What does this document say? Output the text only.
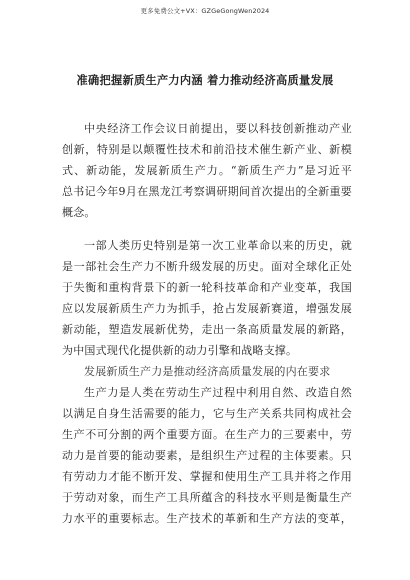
更多免费公文+VX：GZGeGongWen2024
准确把握新质生产力内涵 着力推动经济高质量发展
中央经济工作会议日前提出，要以科技创新推动产业
创新，特别是以颠覆性技术和前沿技术催生新产业、新模
式、新动能，发展新质生产力。“新质生产力”是习近平
总书记今年9月在黑龙江考察调研期间首次提出的全新重要
概念。
一部人类历史特别是第一次工业革命以来的历史，就
是一部社会生产力不断升级发展的历史。面对全球化正处
于失衡和重构背景下的新一轮科技革命和产业变革，我国
应以发展新质生产力为抓手，抢占发展新赛道，增强发展
新动能，塑造发展新优势，走出一条高质量发展的新路，
为中国式现代化提供新的动力引擎和战略支撑。
发展新质生产力是推动经济高质量发展的内在要求
生产力是人类在劳动生产过程中利用自然、改造自然
以满足自身生活需要的能力，它与生产关系共同构成社会
生产不可分割的两个重要方面。在生产力的三要素中，劳
动力是首要的能动要素，是组织生产过程的主体要素。只
有劳动力才能不断开发、掌握和使用生产工具并将之作用
于劳动对象，而生产工具所蕴含的科技水平则是衡量生产
力水平的重要标志。生产技术的革新和生产方法的变革，
